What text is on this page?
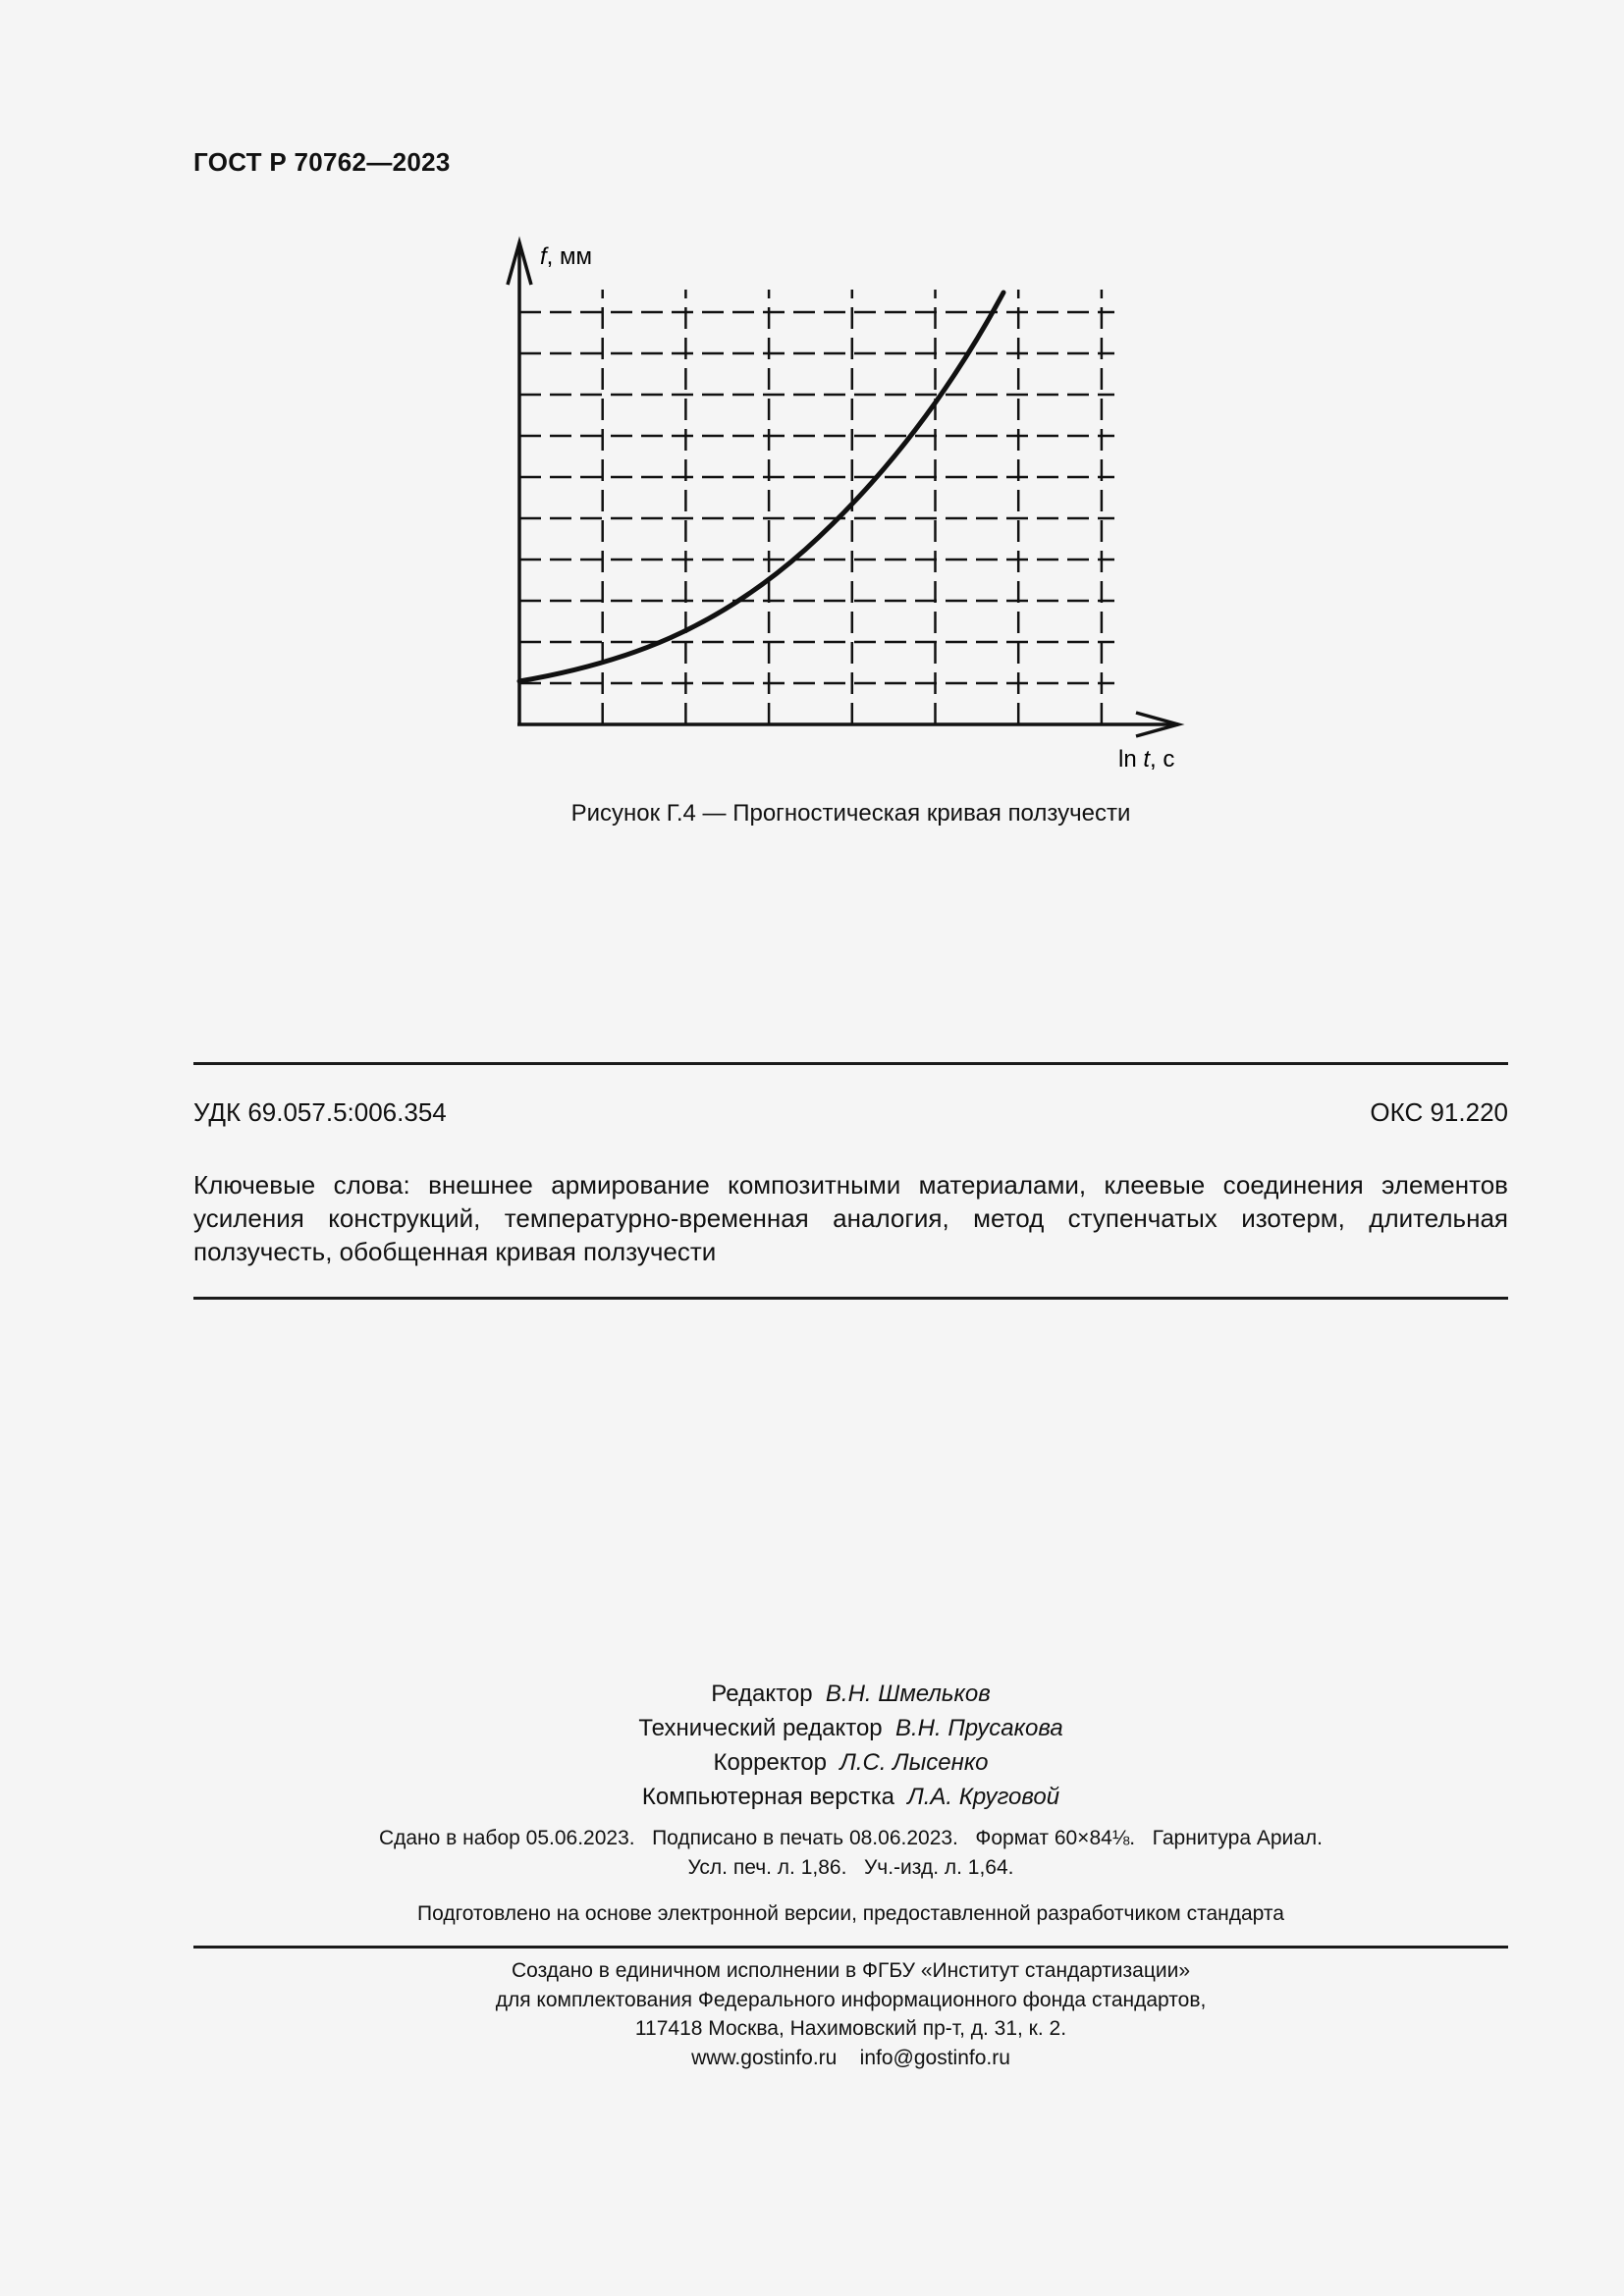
ГОСТ Р 70762—2023
f, мм
ln t, с
Рисунок Г.4 — Прогностическая кривая ползучести
УДК 69.057.5:006.354	ОКС 91.220
Ключевые слова: внешнее армирование композитными материалами, клеевые соединения элементов усиления конструкций, температурно-временная аналогия, метод ступенчатых изотерм, длительная ползучесть, обобщенная кривая ползучести
Редактор В.Н. Шмельков
Технический редактор В.Н. Прусакова
Корректор Л.С. Лысенко
Компьютерная верстка Л.А. Круговой
Сдано в набор 05.06.2023.   Подписано в печать 08.06.2023.   Формат 60×84⅛.   Гарнитура Ариал.
Усл. печ. л. 1,86.   Уч.-изд. л. 1,64.
Подготовлено на основе электронной версии, предоставленной разработчиком стандарта
Создано в единичном исполнении в ФГБУ «Институт стандартизации»
для комплектования Федерального информационного фонда стандартов,
117418 Москва, Нахимовский пр-т, д. 31, к. 2.
www.gostinfo.ru    info@gostinfo.ru
